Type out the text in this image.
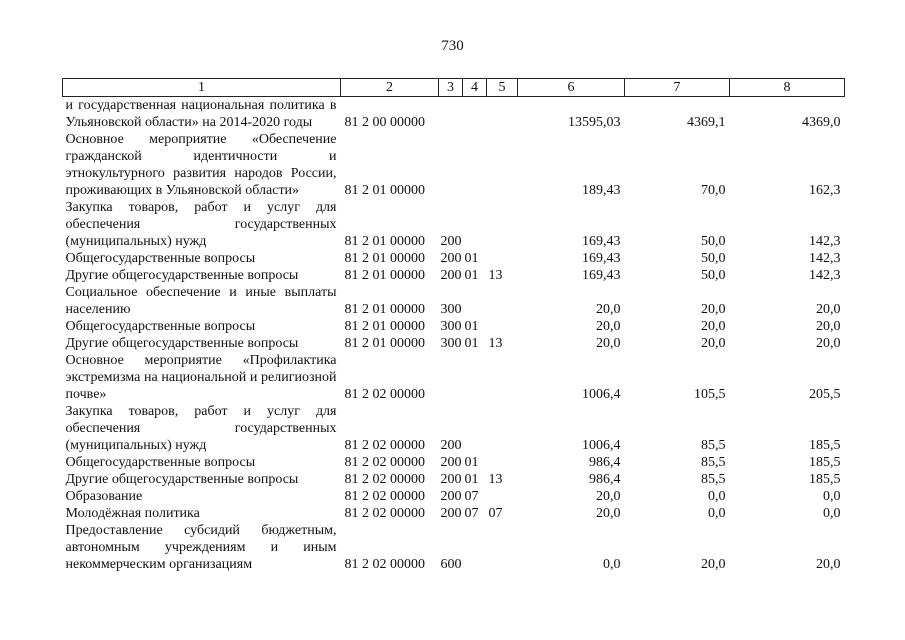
730
1	2	3	4	5	6	7	8
и государственная национальная политика в Ульяновской области» на 2014-2020 годы	81 2 00 00000				13595,03	4369,1	4369,0
Основное мероприятие «Обеспечение гражданской идентичности и этнокультурного развития народов России, проживающих в Ульяновской области»	81 2 01 00000				189,43	70,0	162,3
Закупка товаров, работ и услуг для обеспечения государственных (муниципальных) нужд	81 2 01 00000	200			169,43	50,0	142,3
Общегосударственные вопросы	81 2 01 00000	200	01		169,43	50,0	142,3
Другие общегосударственные вопросы	81 2 01 00000	200	01	13	169,43	50,0	142,3
Социальное обеспечение и иные выплаты населению	81 2 01 00000	300			20,0	20,0	20,0
Общегосударственные вопросы	81 2 01 00000	300	01		20,0	20,0	20,0
Другие общегосударственные вопросы	81 2 01 00000	300	01	13	20,0	20,0	20,0
Основное мероприятие «Профилактика экстремизма на национальной и религиозной почве»	81 2 02 00000				1006,4	105,5	205,5
Закупка товаров, работ и услуг для обеспечения государственных (муниципальных) нужд	81 2 02 00000	200			1006,4	85,5	185,5
Общегосударственные вопросы	81 2 02 00000	200	01		986,4	85,5	185,5
Другие общегосударственные вопросы	81 2 02 00000	200	01	13	986,4	85,5	185,5
Образование	81 2 02 00000	200	07		20,0	0,0	0,0
Молодёжная политика	81 2 02 00000	200	07	07	20,0	0,0	0,0
Предоставление субсидий бюджетным, автономным учреждениям и иным некоммерческим организациям	81 2 02 00000	600			0,0	20,0	20,0
